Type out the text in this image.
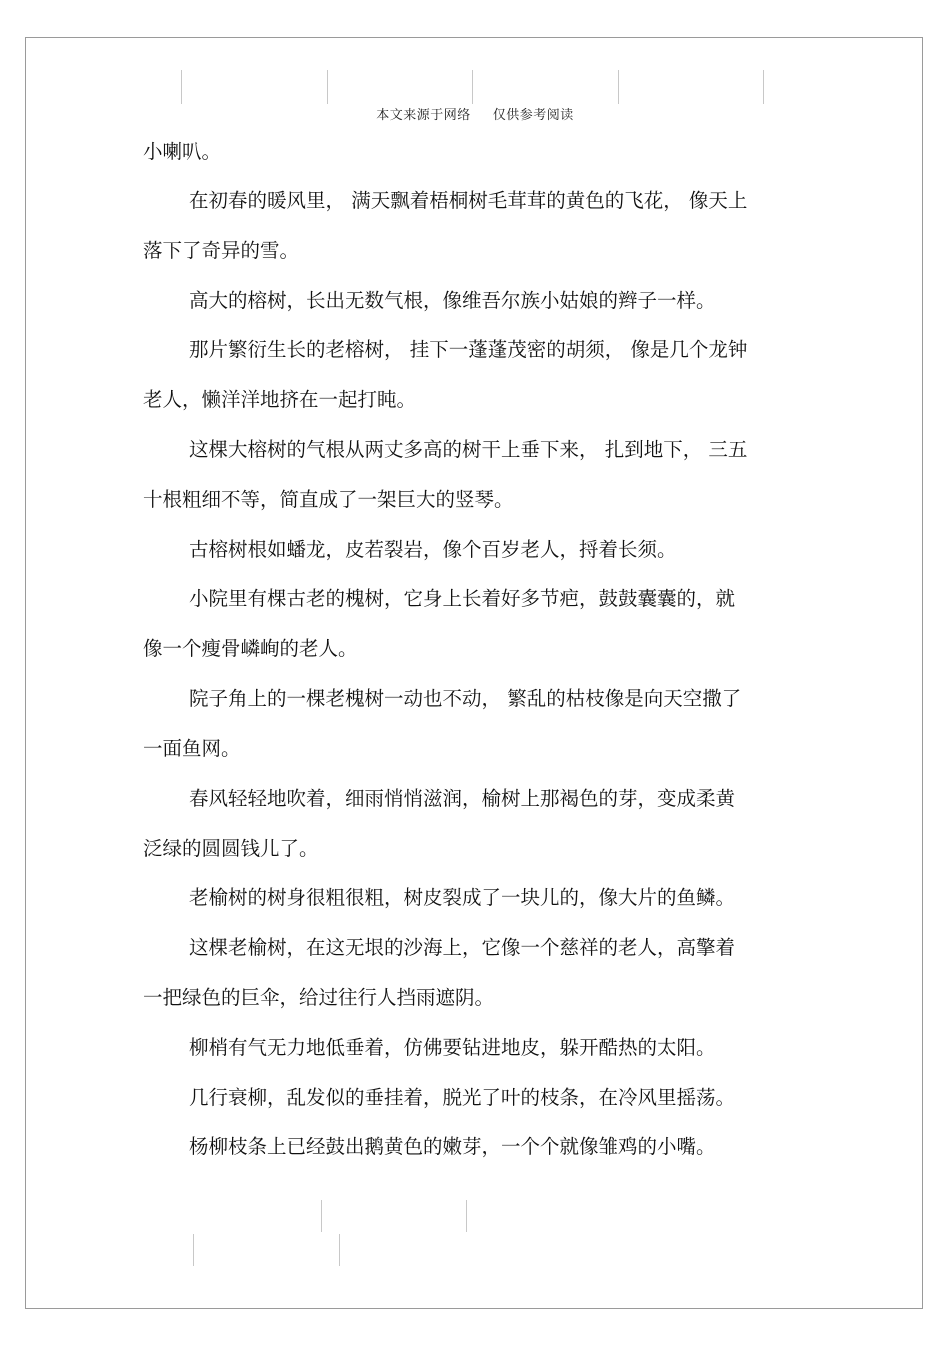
本文来源于网络 仅供参考阅读
小喇叭。
在初春的暖风里， 满天飘着梧桐树毛茸茸的黄色的飞花， 像天上
落下了奇异的雪。
高大的榕树，长出无数气根，像维吾尔族小姑娘的辫子一样。
那片繁衍生长的老榕树， 挂下一蓬蓬茂密的胡须， 像是几个龙钟
老人，懒洋洋地挤在一起打盹。
这棵大榕树的气根从两丈多高的树干上垂下来， 扎到地下， 三五
十根粗细不等，简直成了一架巨大的竖琴。
古榕树根如蟠龙，皮若裂岩，像个百岁老人，捋着长须。
小院里有棵古老的槐树，它身上长着好多节疤，鼓鼓囊囊的，就
像一个瘦骨嶙峋的老人。
院子角上的一棵老槐树一动也不动， 繁乱的枯枝像是向天空撒了
一面鱼网。
春风轻轻地吹着，细雨悄悄滋润，榆树上那褐色的芽，变成柔黄
泛绿的圆圆钱儿了。
老榆树的树身很粗很粗，树皮裂成了一块儿的，像大片的鱼鳞。
这棵老榆树，在这无垠的沙海上，它像一个慈祥的老人，高擎着
一把绿色的巨伞，给过往行人挡雨遮阴。
柳梢有气无力地低垂着，仿佛要钻进地皮，躲开酷热的太阳。
几行衰柳，乱发似的垂挂着，脱光了叶的枝条，在冷风里摇荡。
杨柳枝条上已经鼓出鹅黄色的嫩芽，一个个就像雏鸡的小嘴。
